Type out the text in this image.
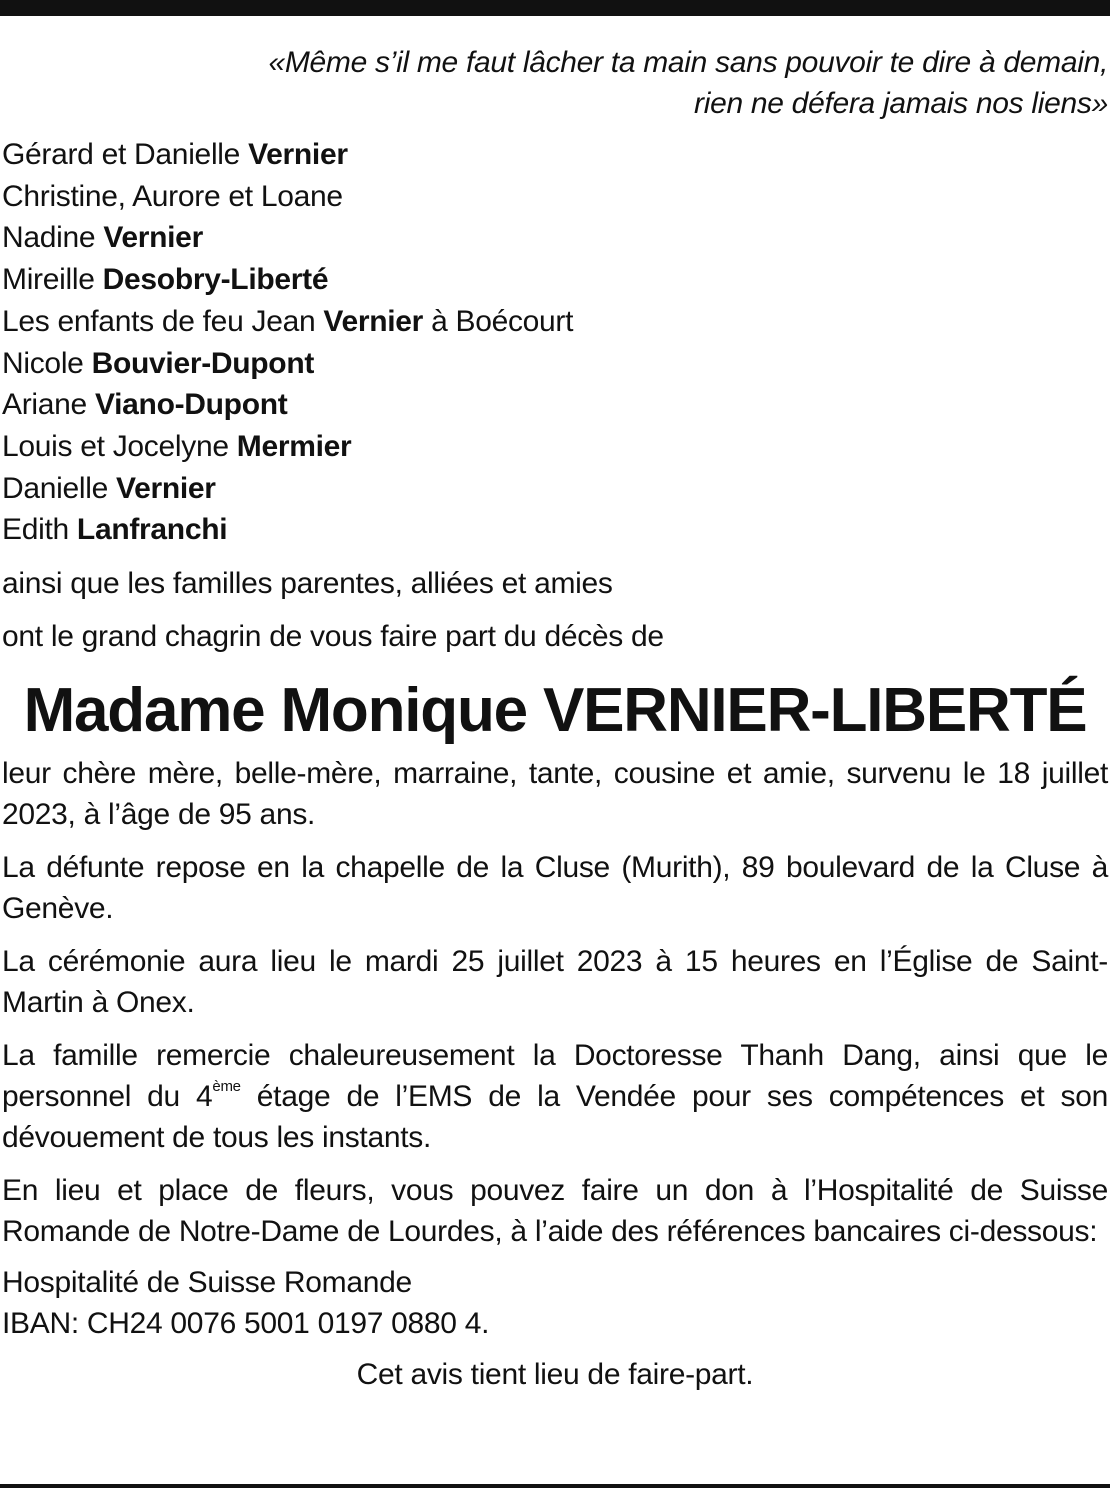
«Même s’il me faut lâcher ta main sans pouvoir te dire à demain,
rien ne défera jamais nos liens»
Gérard et Danielle Vernier
Christine, Aurore et Loane
Nadine Vernier
Mireille Desobry-Liberté
Les enfants de feu Jean Vernier à Boécourt
Nicole Bouvier-Dupont
Ariane Viano-Dupont
Louis et Jocelyne Mermier
Danielle Vernier
Edith Lanfranchi
ainsi que les familles parentes, alliées et amies
ont le grand chagrin de vous faire part du décès de
Madame Monique VERNIER-LIBERTÉ
leur chère mère, belle-mère, marraine, tante, cousine et amie, survenu le 18 juillet 2023, à l’âge de 95 ans.
La défunte repose en la chapelle de la Cluse (Murith), 89 boulevard de la Cluse à Genève.
La cérémonie aura lieu le mardi 25 juillet 2023 à 15 heures en l’Église de Saint-Martin à Onex.
La famille remercie chaleureusement la Doctoresse Thanh Dang, ainsi que le personnel du 4ème étage de l’EMS de la Vendée pour ses compétences et son dévouement de tous les instants.
En lieu et place de fleurs, vous pouvez faire un don à l’Hospitalité de Suisse Romande de Notre-Dame de Lourdes, à l’aide des références bancaires ci-dessous:
Hospitalité de Suisse Romande
IBAN: CH24 0076 5001 0197 0880 4.
Cet avis tient lieu de faire-part.
